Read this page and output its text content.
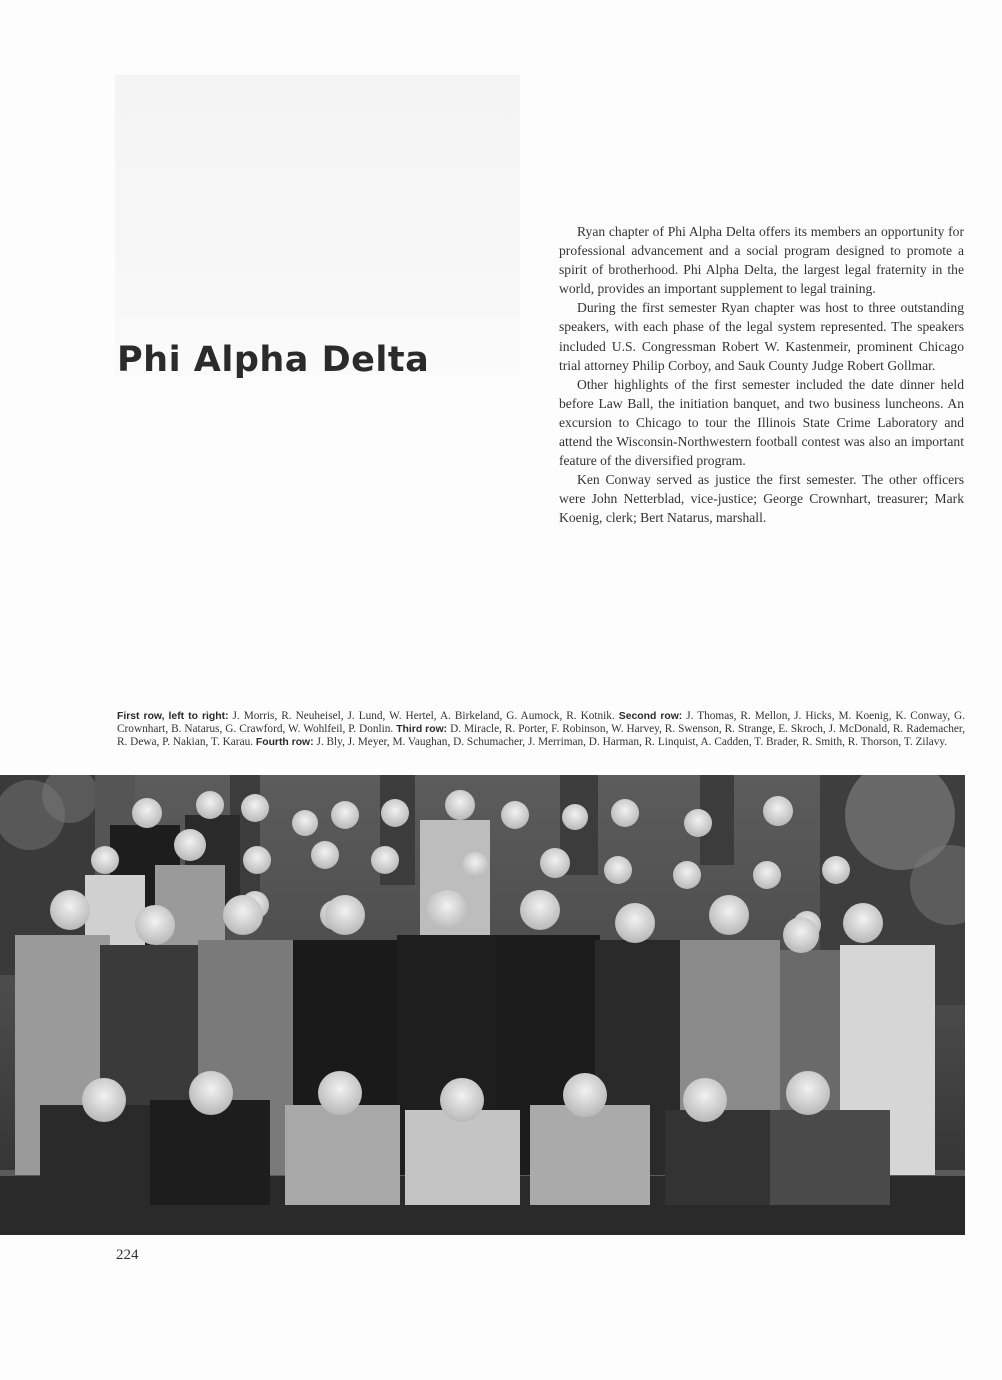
Phi Alpha Delta

Ryan chapter of Phi Alpha Delta offers its members an opportunity for professional advancement and a social program designed to promote a spirit of brotherhood. Phi Alpha Delta, the largest legal fraternity in the world, provides an important supplement to legal training.

During the first semester Ryan chapter was host to three outstanding speakers, with each phase of the legal system represented. The speakers included U.S. Congressman Robert W. Kastenmeir, prominent Chicago trial attorney Philip Corboy, and Sauk County Judge Robert Gollmar.

Other highlights of the first semester included the date dinner held before Law Ball, the initiation banquet, and two business luncheons. An excursion to Chicago to tour the Illinois State Crime Laboratory and attend the Wisconsin-Northwestern football contest was also an important feature of the diversified program.

Ken Conway served as justice the first semester. The other officers were John Netterblad, vice-justice; George Crownhart, treasurer; Mark Koenig, clerk; Bert Natarus, marshall.

First row, left to right: J. Morris, R. Neuheisel, J. Lund, W. Hertel, A. Birkeland, G. Aumock, R. Kotnik. Second row: J. Thomas, R. Mellon, J. Hicks, M. Koenig, K. Conway, G. Crownhart, B. Natarus, G. Crawford, W. Wohlfeil, P. Donlin. Third row: D. Miracle, R. Porter, F. Robinson, W. Harvey, R. Swenson, R. Strange, E. Skroch, J. McDonald, R. Rademacher, R. Dewa, P. Nakian, T. Karau. Fourth row: J. Bly, J. Meyer, M. Vaughan, D. Schumacher, J. Merriman, D. Harman, R. Linquist, A. Cadden, T. Brader, R. Smith, R. Thorson, T. Zilavy.

224
